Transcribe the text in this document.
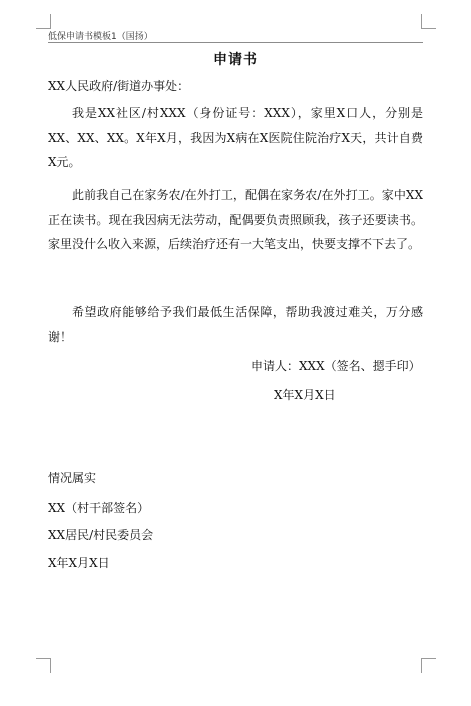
低保申请书模板1（国扬）
申请书
XX人民政府/街道办事处：
我是XX社区/村XXX（身份证号：XXX），家里X口人，分别是XX、XX、XX。X年X月，我因为X病在X医院住院治疗X天，共计自费X元。
此前我自己在家务农/在外打工，配偶在家务农/在外打工。家中XX正在读书。现在我因病无法劳动，配偶要负责照顾我，孩子还要读书。家里没什么收入来源，后续治疗还有一大笔支出，快要支撑不下去了。
希望政府能够给予我们最低生活保障，帮助我渡过难关，万分感谢！
申请人：XXX（签名、摁手印）
X年X月X日
情况属实
XX（村干部签名）
XX居民/村民委员会
X年X月X日
